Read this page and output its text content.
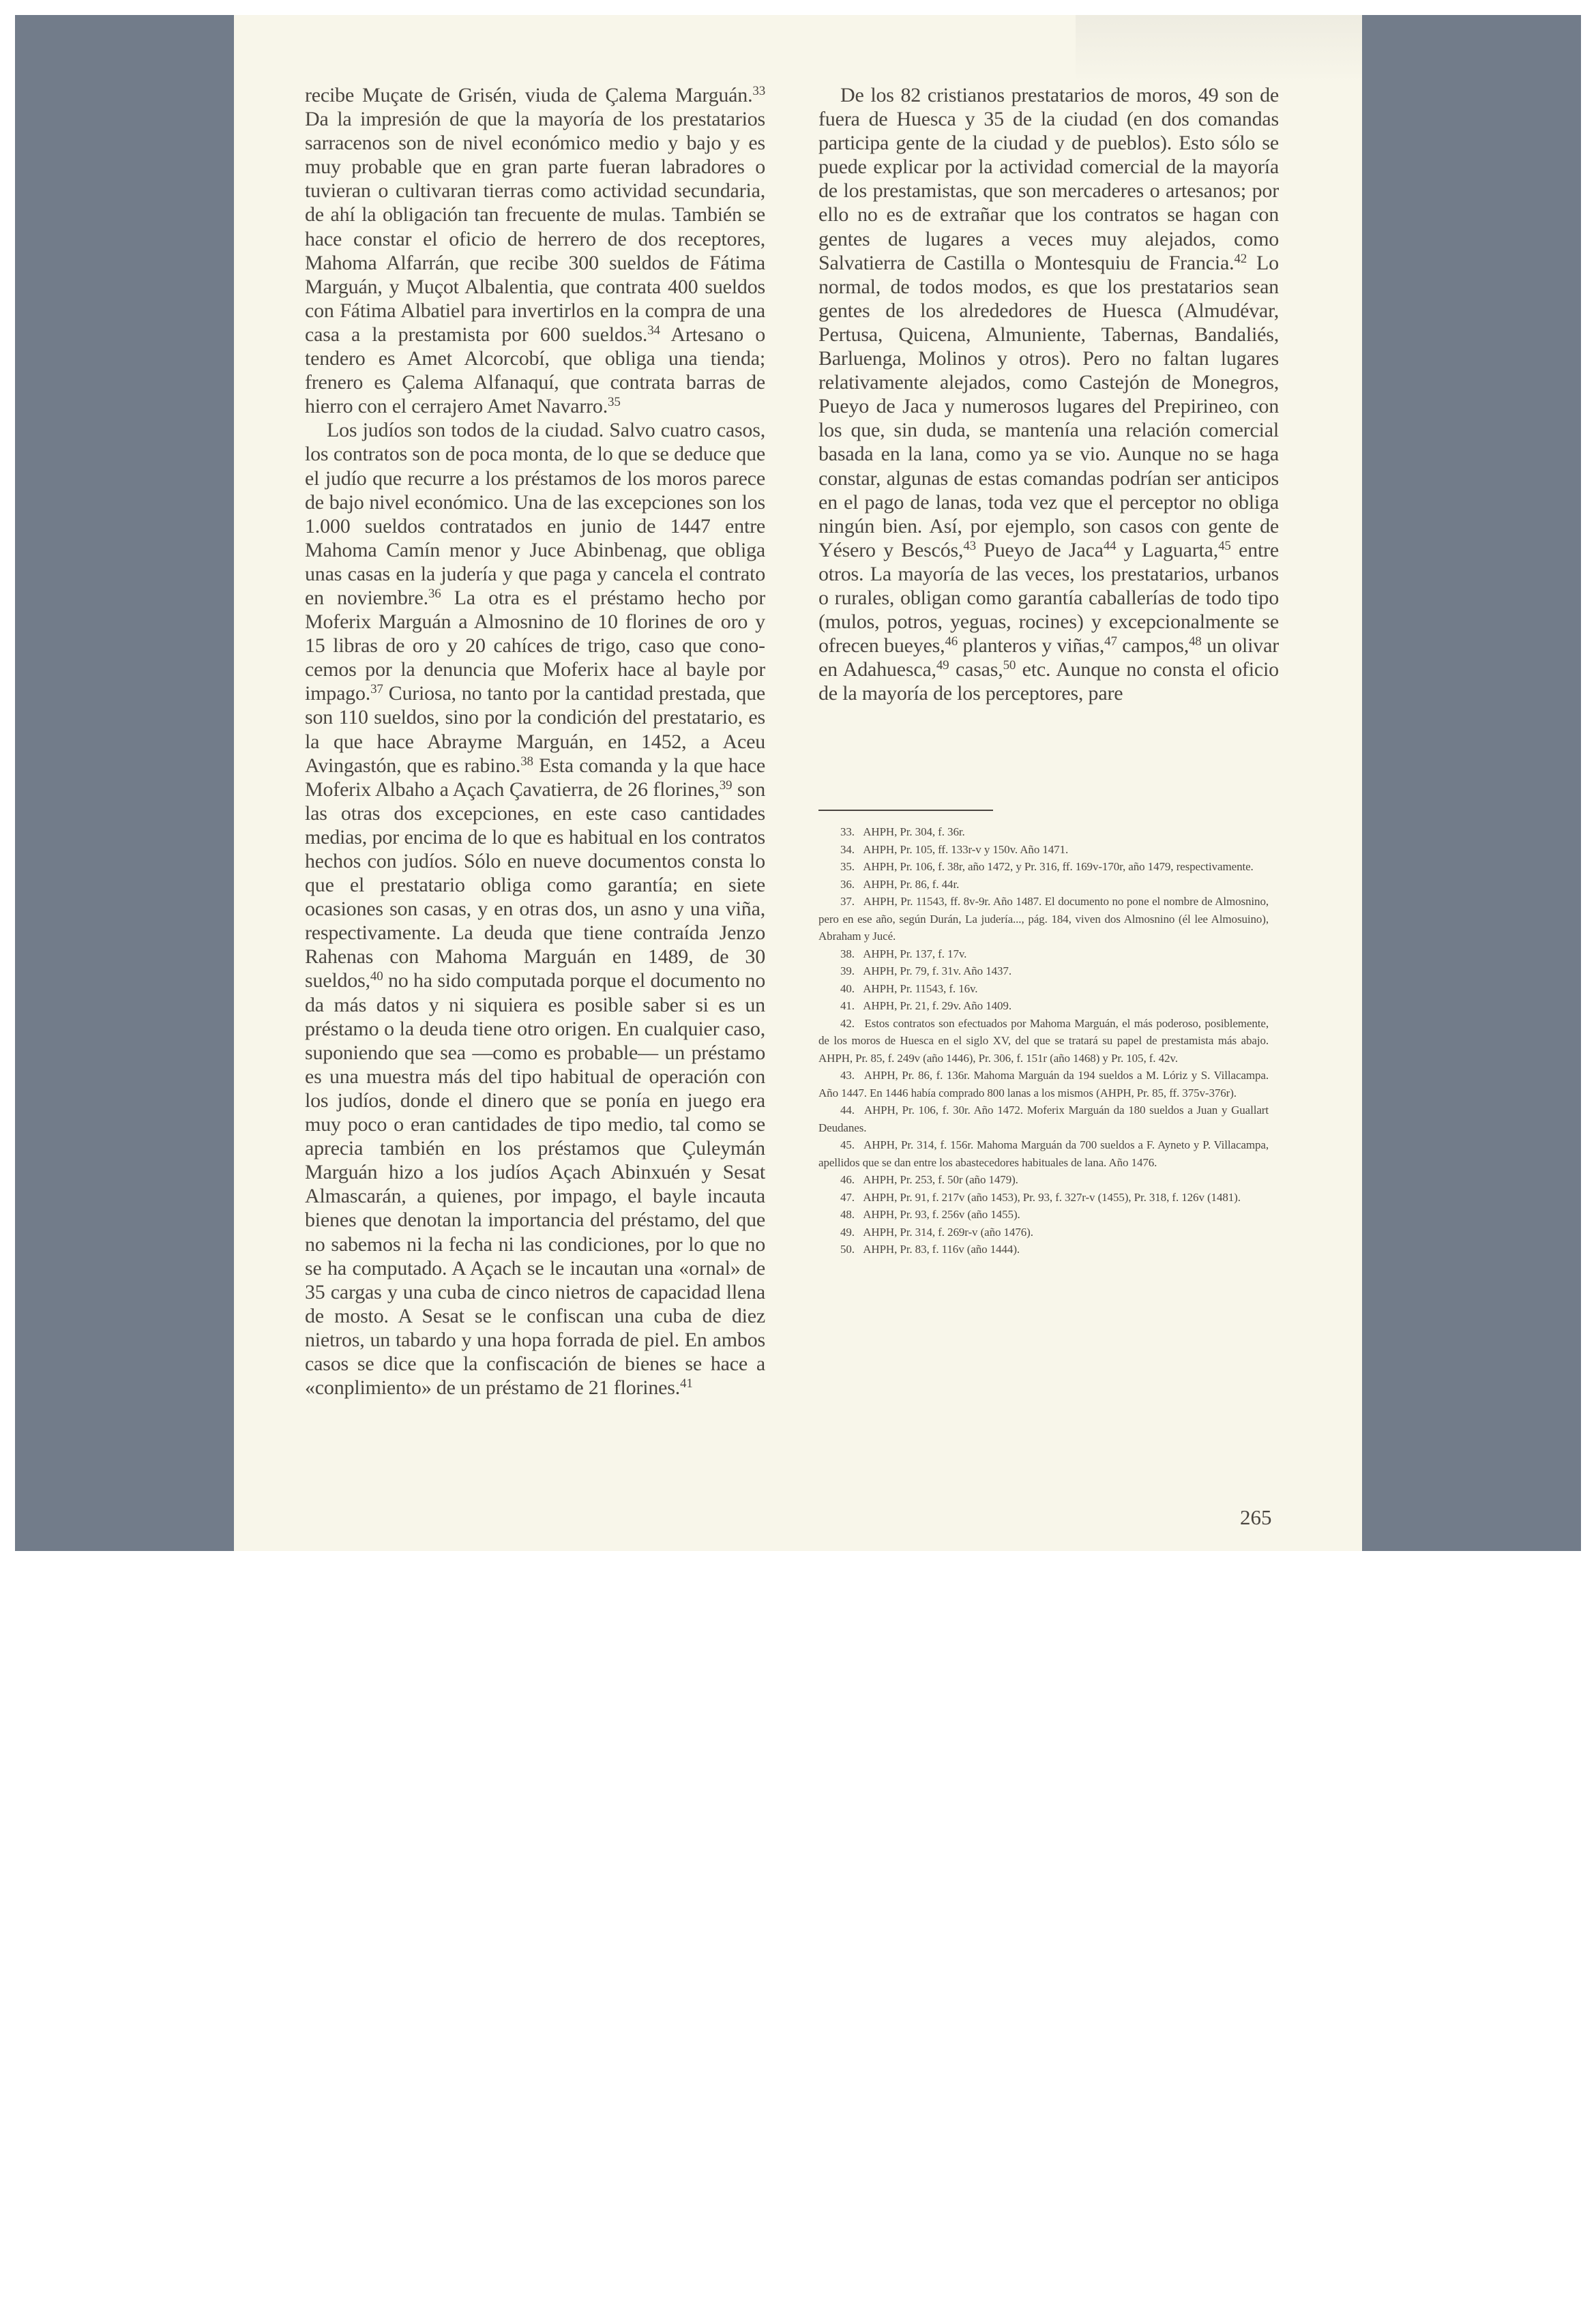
recibe Muçate de Grisén, viuda de Çalema Marguán.$^{33}$ Da la impresión de que la mayoría de los prestatarios sarracenos son de nivel económico medio y bajo y es muy probable que en gran parte fueran labradores o tuvieran o cultivaran tierras como actividad secundaria, de ahí la obligación tan frecuente de mulas. También se hace constar el oficio de herrero de dos receptores, Mahoma Alfarrán, que recibe 300 sueldos de Fátima Marguán, y Muçot Albalentia, que contrata 400 sueldos con Fátima Albatiel para invertirlos en la compra de una casa a la prestamista por 600 sueldos.$^{34}$ Artesano o tendero es Amet Alcorcobí, que obliga una tienda; frenero es Çalema Alfanaquí, que contrata barras de hierro con el cerrajero Amet Navarro.$^{35}$

Los judíos son todos de la ciudad. Salvo cuatro casos, los contratos son de poca monta, de lo que se deduce que el judío que recurre a los préstamos de los moros parece de bajo nivel económico. Una de las excepciones son los 1.000 sueldos contratados en junio de 1447 entre Mahoma Camín menor y Juce Abinbenag, que obliga unas casas en la judería y que paga y cancela el contrato en noviembre.$^{36}$ La otra es el préstamo hecho por Moferix Marguán a Almosnino de 10 florines de oro y 15 libras de oro y 20 cahíces de trigo, caso que conocemos por la denuncia que Moferix hace al bayle por impago.$^{37}$ Curiosa, no tanto por la cantidad prestada, que son 110 sueldos, sino por la condición del prestatario, es la que hace Abrayme Marguán, en 1452, a Aceu Avingastón, que es rabino.$^{38}$ Esta comanda y la que hace Moferix Albaho a Açach Çavatierra, de 26 florines,$^{39}$ son las otras dos excepciones, en este caso cantidades medias, por encima de lo que es habitual en los contratos hechos con judíos. Sólo en nueve documentos consta lo que el prestatario obliga como garantía; en siete ocasiones son casas, y en otras dos, un asno y una viña, respectivamente. La deuda que tiene contraída Jenzo Rahenas con Mahoma Marguán en 1489, de 30 sueldos,$^{40}$ no ha sido computada porque el documento no da más datos y ni siquiera es posible saber si es un préstamo o la deuda tiene otro origen. En cualquier caso, suponiendo que sea —como es probable— un préstamo es una muestra más del tipo habitual de operación con los judíos, donde el dinero que se ponía en juego era muy poco o eran cantidades de tipo medio, tal como se aprecia también en los préstamos que Çuleymán Marguán hizo a los judíos Açach Abinxuén y Sesat Almascarán, a quienes, por impago, el bayle incauta bienes que denotan la importancia del préstamo, del que no sabemos ni la fecha ni las condiciones, por lo que no se ha computado. A Açach se le incautan una «ornal» de 35 cargas y una cuba de cinco nietros de capacidad llena de mosto. A Sesat se le confiscan una cuba de diez nietros, un tabardo y una hopa forrada de piel. En ambos casos se dice que la confiscación de bienes se hace a «conplimiento» de un préstamo de 21 florines.$^{41}$

De los 82 cristianos prestatarios de moros, 49 son de fuera de Huesca y 35 de la ciudad (en dos comandas participa gente de la ciudad y de pueblos). Esto sólo se puede explicar por la actividad comercial de la mayoría de los prestamistas, que son mercaderes o artesanos; por ello no es de extrañar que los contratos se hagan con gentes de lugares a veces muy alejados, como Salvatierra de Castilla o Montesquiu de Francia.$^{42}$ Lo normal, de todos modos, es que los prestatarios sean gentes de los alrededores de Huesca (Almudévar, Pertusa, Quicena, Almuniente, Tabernas, Bandaliés, Barluenga, Molinos y otros). Pero no faltan lugares relativamente alejados, como Castejón de Monegros, Pueyo de Jaca y numerosos lugares del Prepirineo, con los que, sin duda, se mantenía una relación comercial basada en la lana, como ya se vio. Aunque no se haga constar, algunas de estas comandas podrían ser anticipos en el pago de lanas, toda vez que el perceptor no obliga ningún bien. Así, por ejemplo, son casos con gente de Yésero y Bescós,$^{43}$ Pueyo de Jaca$^{44}$ y Laguarta,$^{45}$ entre otros. La mayoría de las veces, los prestatarios, urbanos o rurales, obligan como garantía caballerías de todo tipo (mulos, potros, yeguas, rocines) y excepcionalmente se ofrecen bueyes,$^{46}$ planteros y viñas,$^{47}$ campos,$^{48}$ un olivar en Adahuesca,$^{49}$ casas,$^{50}$ etc. Aunque no consta el oficio de la mayoría de los perceptores, pare

33. AHPH, Pr. 304, f. 36r.
34. AHPH, Pr. 105, ff. 133r-v y 150v. Año 1471.
35. AHPH, Pr. 106, f. 38r, año 1472, y Pr. 316, ff. 169v-170r, año 1479, respectivamente.
36. AHPH, Pr. 86, f. 44r.
37. AHPH, Pr. 11543, ff. 8v-9r. Año 1487. El documento no pone el nombre de Almosnino, pero en ese año, según Durán, La judería..., pág. 184, viven dos Almosnino (él lee Almosuino), Abraham y Jucé.
38. AHPH, Pr. 137, f. 17v.
39. AHPH, Pr. 79, f. 31v. Año 1437.
40. AHPH, Pr. 11543, f. 16v.
41. AHPH, Pr. 21, f. 29v. Año 1409.
42. Estos contratos son efectuados por Mahoma Marguán, el más poderoso, posiblemente, de los moros de Huesca en el siglo XV, del que se tratará su papel de prestamista más abajo. AHPH, Pr. 85, f. 249v (año 1446), Pr. 306, f. 151r (año 1468) y Pr. 105, f. 42v.
43. AHPH, Pr. 86, f. 136r. Mahoma Marguán da 194 sueldos a M. Lóriz y S. Villacampa. Año 1447. En 1446 había comprado 800 lanas a los mismos (AHPH, Pr. 85, ff. 375v-376r).
44. AHPH, Pr. 106, f. 30r. Año 1472. Moferix Marguán da 180 sueldos a Juan y Guallart Deudanes.
45. AHPH, Pr. 314, f. 156r. Mahoma Marguán da 700 sueldos a F. Ayneto y P. Villacampa, apellidos que se dan entre los abastecedores habituales de lana. Año 1476.
46. AHPH, Pr. 253, f. 50r (año 1479).
47. AHPH, Pr. 91, f. 217v (año 1453), Pr. 93, f. 327r-v (1455), Pr. 318, f. 126v (1481).
48. AHPH, Pr. 93, f. 256v (año 1455).
49. AHPH, Pr. 314, f. 269r-v (año 1476).
50. AHPH, Pr. 83, f. 116v (año 1444).
265
